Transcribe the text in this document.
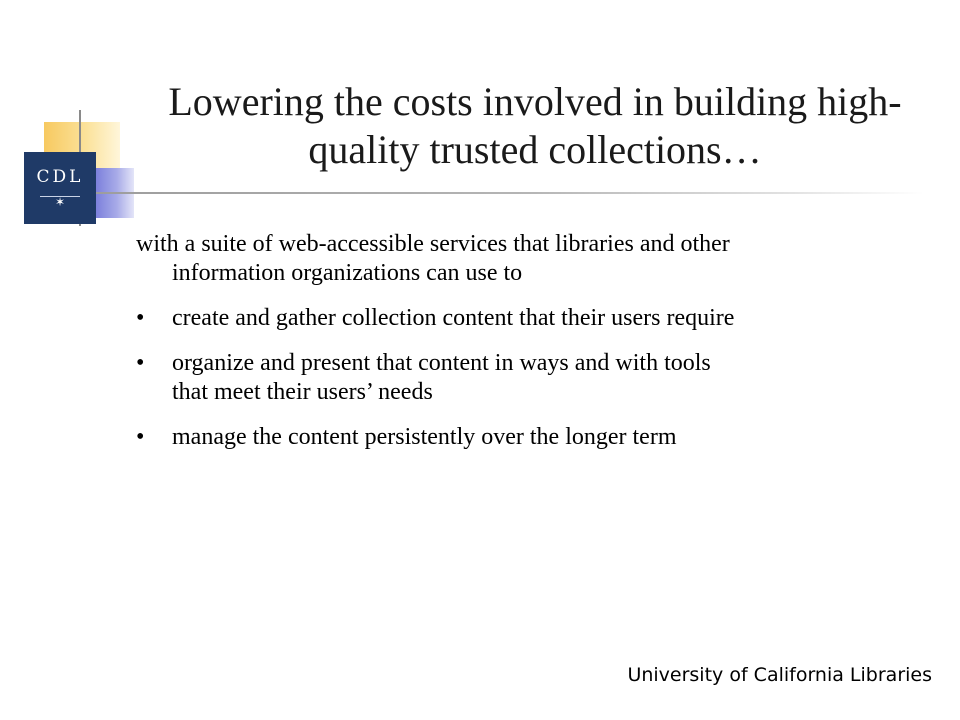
CDL
✶
Lowering the costs involved in building high-
quality trusted collections…

with a suite of web-accessible services that libraries and other
information organizations can use to

• create and gather collection content that their users require
• organize and present that content in ways and with tools
that meet their users’ needs
• manage the content persistently over the longer term
University of California Libraries
